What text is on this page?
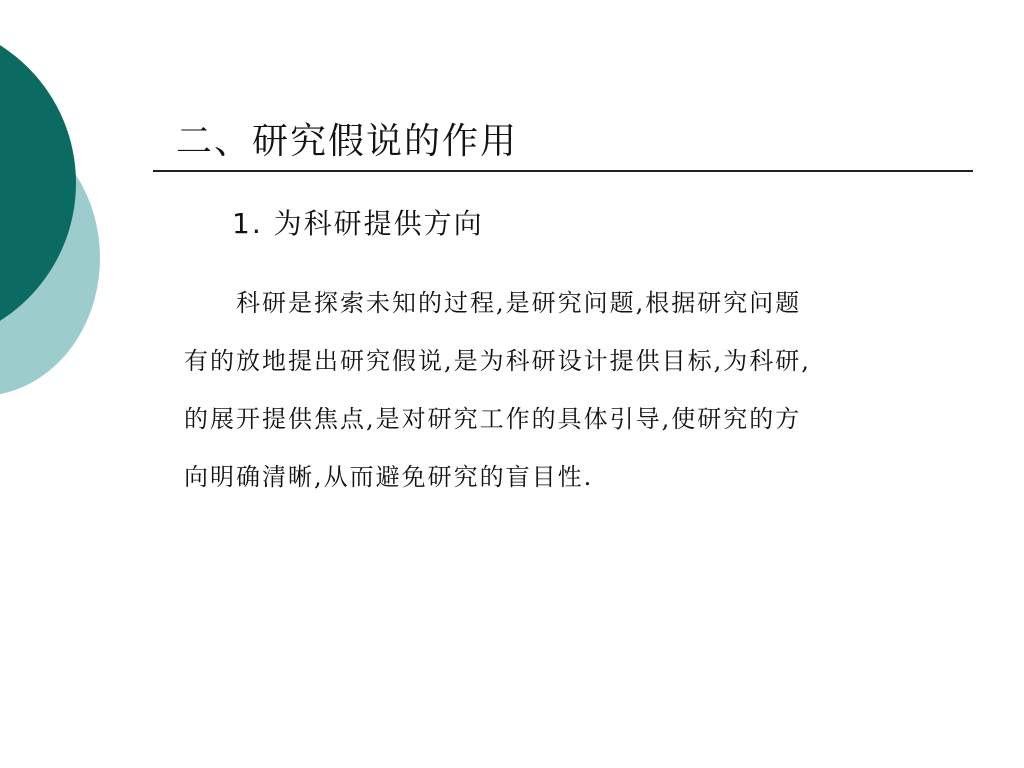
二、研究假说的作用
1. 为科研提供方向
科研是探索未知的过程,是研究问题,根据研究问题
有的放地提出研究假说,是为科研设计提供目标,为科研,
的展开提供焦点,是对研究工作的具体引导,使研究的方
向明确清晰,从而避免研究的盲目性.
